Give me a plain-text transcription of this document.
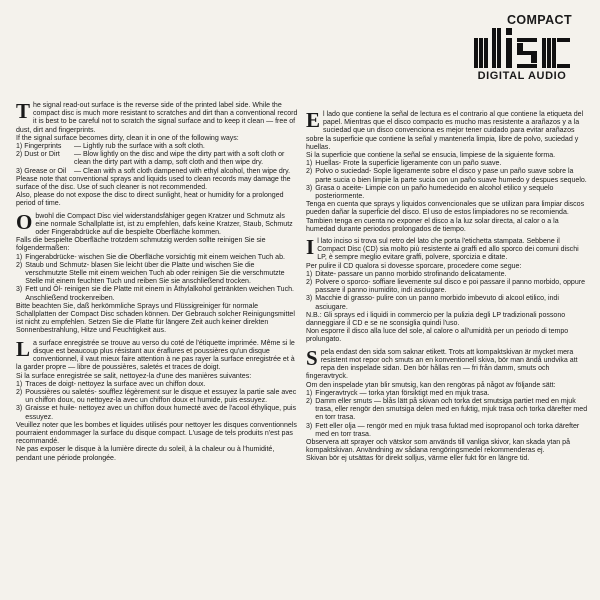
COMPACT
DIGITAL AUDIO

The signal read-out surface is the reverse side of the printed label side. While the compact disc is much more resistant to scratches and dirt than a conventional record it is best to be careful not to scratch the signal surface and to keep it clean — free of dust, dirt and fingerprints.

If the signal surface becomes dirty, clean it in one of the following ways:

1) Fingerprints	— Lightly rub the surface with a soft cloth.
2) Dust or Dirt	— Blow lightly on the disc and wipe the dirty part with a soft cloth or clean the dirty part with a damp, soft cloth and then wipe dry.
3) Grease or Oil	— Clean with a soft cloth dampened with ethyl alcohol, then wipe dry.

Please note that conventional sprays and liquids used to clean records may damage the surface of the disc. Use of such cleaner is not recommended.

Also, please do not expose the disc to direct sunlight, heat or humidity for a prolonged period of time.

Obwohl die Compact Disc viel widerstandsfähiger gegen Kratzer und Schmutz als eine normale Schallplatte ist, ist zu empfehlen, dafs keine Kratzer, Staub, Schmutz oder Fingerabdrücke auf die bespielte Oberfläche kommen.

Falls die bespielte Oberfläche trotzdem schmutzig werden sollte reinigen Sie sie folgendermaßen:

1) Fingerabdrücke- wischen Sie die Oberfläche vorsichtig mit einem weichen Tuch ab.
2) Staub und Schmutz- blasen Sie leicht über die Platte und wischen Sie die verschmutzte Stelle mit einem weichen Tuch ab oder reinigen Sie die verschmutzte Stelle mit einem feuchten Tuch und reiben Sie sie anschließend trocken.
3) Fett und Öl- reinigen sie die Platte mit einem in Äthylalkohol getränkten weichen Tuch. Anschließend trockenreiben.

Bitte beachten Sie, daß herkömmliche Sprays und Flüssigreiniger für normale Schallplatten der Compact Disc schaden können. Der Gebrauch solcher Reinigungsmittel ist nicht zu empfehlen. Setzen Sie die Platte für längere Zeit auch keiner direkten Sonnenbestrahlung, Hitze und Feuchtigkeit aus.

La surface enregistrée se trouve au verso du coté de l'étiquette imprimée. Même si le disque est beaucoup plus résistant aux éraflures et poussières qu'un disque conventionnel, il vaut mieux faire attention à ne pas rayer la surface enregistrée et à la garder propre — libre de poussières, saletés et traces de doigt.

Si la surface enregistrée se salit, nettoyez-la d'une des manières suivantes:

1) Traces de doigt- nettoyez la surface avec un chiffon doux.
2) Poussières ou saletés- soufflez légèrement sur le disque et essuyez la partie sale avec un chiffon doux, ou nettoyez-la avec un chiffon doux et humide, puis essuyez.
3) Graisse et huile- nettoyez avec un chiffon doux humecté avec de l'acool éthylique, puis essuyez.

Veuillez noter que les bombes et liquides utilisés pour nettoyer les disques conventionnels pourraient endommager la surface du disque compact. L'usage de tels produits n'est pas recommandé.

Ne pas exposer le disque à la lumière directe du soleil, à la chaleur ou à l'humidité, pendant une période prolongée.

El lado que contiene la señal de lectura es el contrario al que contiene la etiqueta del papel. Mientras que el disco compacto es mucho mas resistente a arañazos y a la suciedad que un disco convenciona es mejor tener cuidado para evitar arañazos sobre la superficie que contiene la señal y mantenerla limpia, libre de polvo, suciedad y huellas.

Si la superficie que contiene la señal se ensucia, limpiese de la siguiente forma.

1) Huellas- Frote la superficie ligeramente con un paño suave.
2) Polvo o suciedad- Sople ligeramente sobre el disco y pase un paño suave sobre la parte sucia o bien limpie la parte sucia con un paño suave humedo y despues sequelo.
3) Grasa o aceite- Limpie con un paño humedecido en alcohol etilico y sequelo posteriormente.

Tenga en cuenta que sprays y liquidos convencionales que se utilizan para limpiar discos pueden dañar la superficie del disco. El uso de estos limpiadores no se recomienda. Tambien tenga en cuenta no exponer el disco a la luz solar directa, al calor o a la humedad durante periodos prolongados de tiempo.

Il lato inciso si trova sul retro del lato che porta l'etichetta stampata. Sebbene il Compact Disc (CD) sia molto più resistente ai graffi ed allo sporco dei comuni dischi LP, è sempre meglio evitare graffi, polvere, sporcizia e ditate.

Per pulire il CD qualora si dovesse sporcare, procedere come segue:

1) Ditate- passare un panno morbido strofinando delicatamente.
2) Polvere o sporco- soffiare lievemente sul disco e poi passare il panno morbido, oppure passare il panno inumidito, indi asciugare.
3) Macchie di grasso- pulire con un panno morbido imbevuto di alcool etilico, indi asciugare.

N.B.: Gli sprays ed i liquidi in commercio per la pulizia degli LP tradizionali possono danneggiare il CD e se ne sconsiglia quindi l'uso.

Non esporre il disco alla luce del sole, al calore o all'umidità per un periodo di tempo prolungato.

Spela endast den sida som saknar etikett. Trots att kompaktskivan är mycket mera resistent mot repor och smuts an en konventionell skiva, bör man ändå undvika att repa den inspelade sidan. Den bör hållas ren — fri från damm, smuts och fingeravtryck.

Om den inspelade ytan blir smutsig, kan den rengöras på något av följande sätt:

1) Fingeravtryck — torka ytan försiktigt med en mjuk trasa.
2) Damm eller smuts — blås lätt på skivan och torka det smutsiga partiet med en mjuk trasa, eller rengör den smutsiga delen med en fuktig, mjuk trasa och torka därefter med en torr trasa.
3) Fett eller olja — rengör med en mjuk trasa fuktad med isopropanol och torka därefter med en torr trasa.

Observera att sprayer och vätskor som används till vanliga skivor, kan skada ytan på kompaktskivan. Användning av sådana rengöringsmedel rekommenderas ej.

Skivan bör ej utsättas för direkt solljus, värme eller fukt för en längre tid.
